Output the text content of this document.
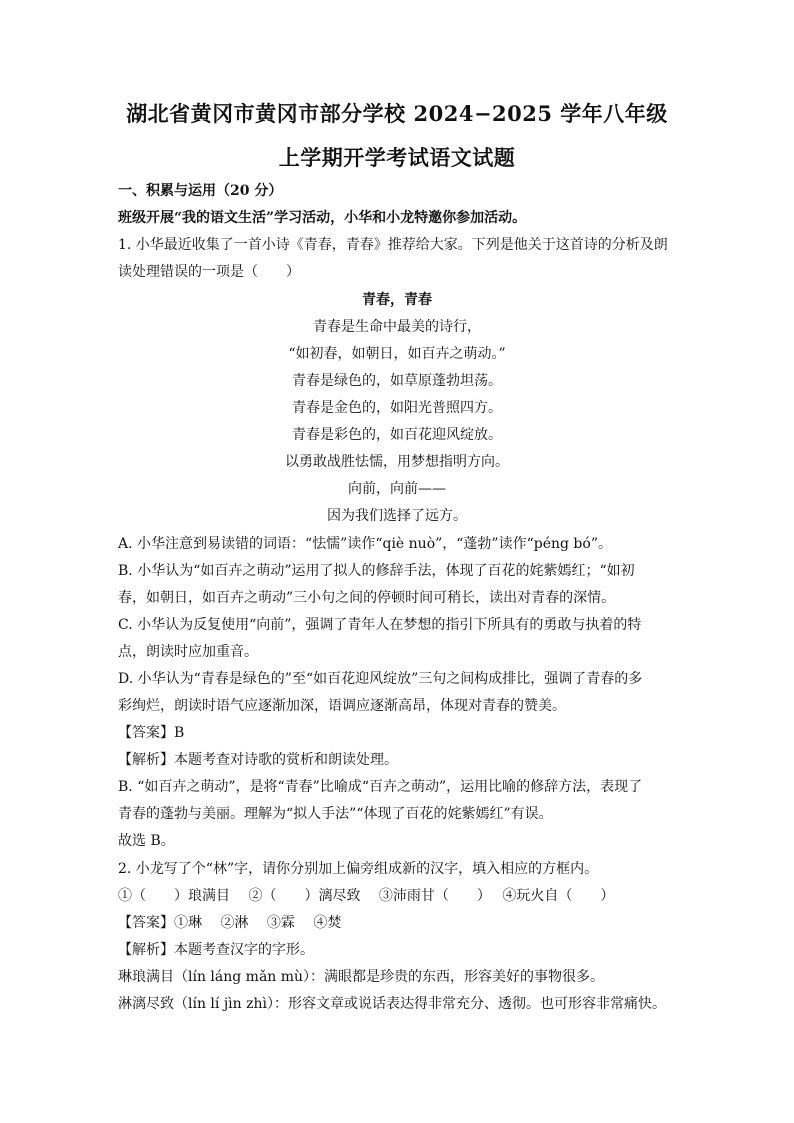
湖北省黄冈市黄冈市部分学校 2024−2025 学年八年级
上学期开学考试语文试题
一、积累与运用（20 分）
班级开展“我的语文生活”学习活动，小华和小龙特邀你参加活动。
1. 小华最近收集了一首小诗《青春，青春》推荐给大家。下列是他关于这首诗的分析及朗
读处理错误的一项是（　　）
青春，青春
青春是生命中最美的诗行，
“如初春，如朝日，如百卉之萌动。”
青春是绿色的，如草原蓬勃坦荡。
青春是金色的，如阳光普照四方。
青春是彩色的，如百花迎风绽放。
以勇敢战胜怯懦，用梦想指明方向。
向前，向前——
因为我们选择了远方。
A. 小华注意到易读错的词语：“怯懦”读作“qiè nuò”，“蓬勃”读作“péng bó”。
B. 小华认为“如百卉之萌动”运用了拟人的修辞手法，体现了百花的姹紫嫣红；“如初
春，如朝日，如百卉之萌动”三小句之间的停顿时间可稍长，读出对青春的深情。
C. 小华认为反复使用“向前”，强调了青年人在梦想的指引下所具有的勇敢与执着的特
点，朗读时应加重音。
D. 小华认为“青春是绿色的”至“如百花迎风绽放”三句之间构成排比，强调了青春的多
彩绚烂，朗读时语气应逐渐加深，语调应逐渐高昂，体现对青春的赞美。
【答案】B
【解析】本题考查对诗歌的赏析和朗读处理。
B. “如百卉之萌动”，是将“青春”比喻成“百卉之萌动”，运用比喻的修辞方法，表现了
青春的蓬勃与美丽。理解为“拟人手法”“体现了百花的姹紫嫣红”有误。
故选 B。
2. 小龙写了个“林”字，请你分别加上偏旁组成新的汉字，填入相应的方框内。
①（　　）琅满目　 ②（　　）漓尽致　 ③沛雨甘（　　）　 ④玩火自（　　）
【答案】①琳　 ②淋　 ③霖　 ④焚
【解析】本题考查汉字的字形。
琳琅满目（lín láng mǎn mù）：满眼都是珍贵的东西，形容美好的事物很多。
淋漓尽致（lín lí jìn zhì）：形容文章或说话表达得非常充分、透彻。也可形容非常痛快。
